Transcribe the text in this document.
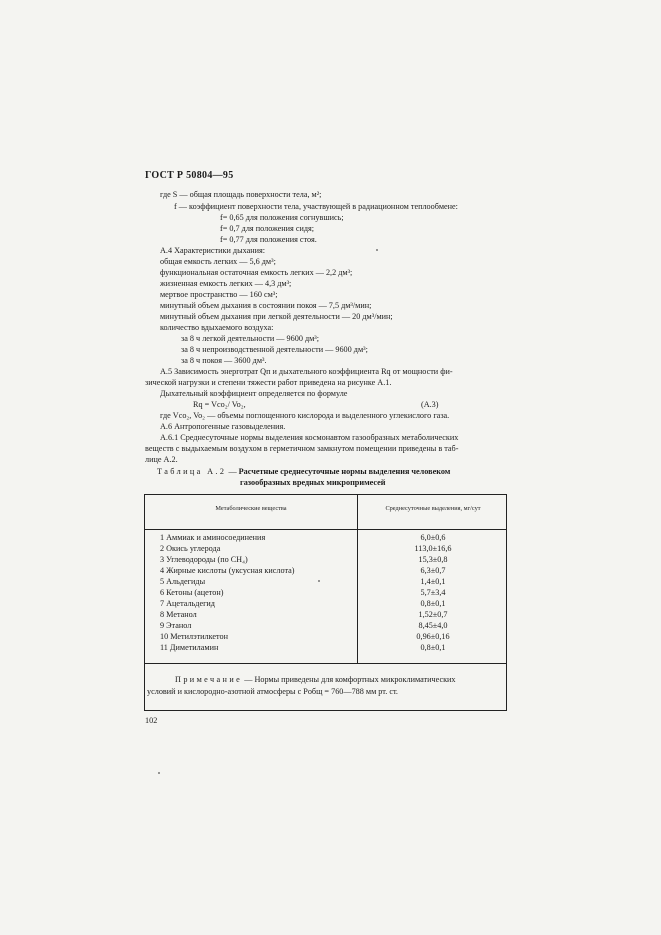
ГОСТ Р 50804—95
где S — общая площадь поверхности тела, м²;
f — коэффициент поверхности тела, участвующей в радиационном теплообмене:
f= 0,65 для положения согнувшись;
f= 0,7 для положения сидя;
f= 0,77 для положения стоя.
А.4 Характеристики дыхания:
общая емкость легких — 5,6 дм³;
функциональная остаточная емкость легких — 2,2 дм³;
жизненная емкость легких — 4,3 дм³;
мертвое пространство — 160 см³;
минутный объем дыхания в состоянии покоя — 7,5 дм³/мин;
минутный объем дыхания при легкой деятельности — 20 дм³/мин;
количество вдыхаемого воздуха:
за 8 ч легкой деятельности — 9600 дм³;
за 8 ч непроизводственной деятельности — 9600 дм³;
за 8 ч покоя — 3600 дм³.
А.5 Зависимость энерготрат Qп и дыхательного коэффициента Rq от мощности фи-
зической нагрузки и степени тяжести работ приведена на рисунке А.1.
Дыхательный коэффициент определяется по формуле
Rq = Vco₂/ Vo₂,	(А.3)
где Vco₂, Vo₂ — объемы поглощенного кислорода и выделенного углекислого газа.
А.6 Антропогенные газовыделения.
А.6.1 Среднесуточные нормы выделения космонавтом газообразных метаболических
веществ с выдыхаемым воздухом в герметичном замкнутом помещении приведены в таб-
лице А.2.
Таблица А.2 — Расчетные среднесуточные нормы выделения человеком
газообразных вредных микропримесей
Метаболические вещества	Среднесуточные выделения, мг/сут
1 Аммиак и аминосоединения	6,0±0,6
2 Окись углерода	113,0±16,6
3 Углеводороды (по CH₄)	15,3±0,8
4 Жирные кислоты (уксусная кислота)	6,3±0,7
5 Альдегиды	1,4±0,1
6 Кетоны (ацетон)	5,7±3,4
7 Ацетальдегид	0,8±0,1
8 Метанол	1,52±0,7
9 Этанол	8,45±4,0
10 Метилэтилкетон	0,96±0,16
11 Диметиламин	0,8±0,1
Примечание — Нормы приведены для комфортных микроклиматических
условий и кислородно-азотной атмосферы с Pобщ = 760—788 мм рт. ст.
102
